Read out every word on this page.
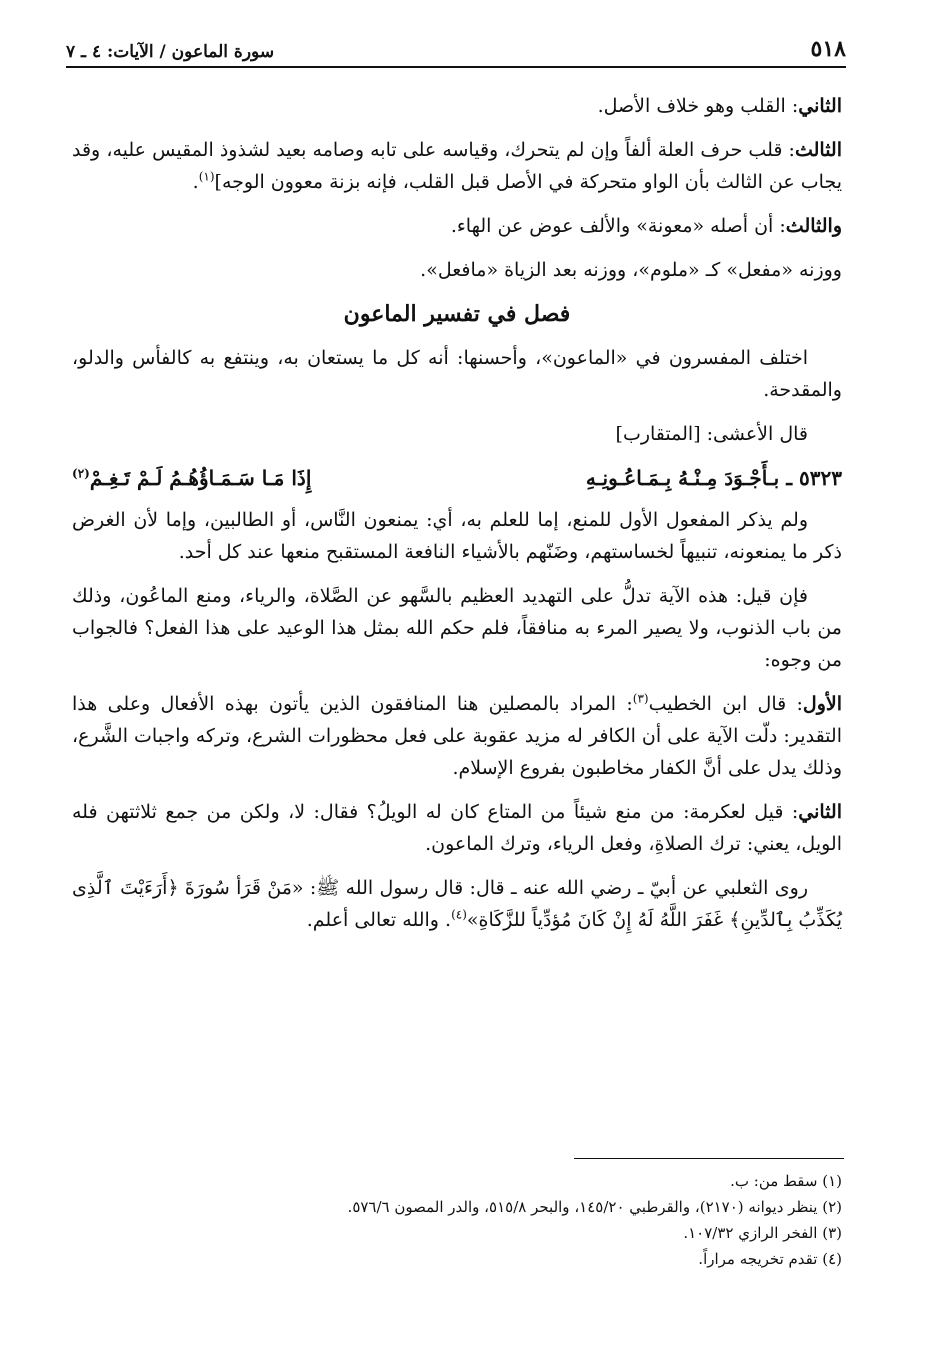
٥١٨
سورة الماعون / الآيات: ٤ ـ ٧

الثاني: القلب وهو خلاف الأصل.

الثالث: قلب حرف العلة ألفاً وإن لم يتحرك، وقياسه على تابه وصامه بعيد لشذوذ المقيس عليه، وقد يجاب عن الثالث بأن الواو متحركة في الأصل قبل القلب، فإنه بزنة معوون الوجه]$^{(١)}$.

والثالث: أن أصله «معونة» والألف عوض عن الهاء.

ووزنه «مفعل» كـ «ملوم»، ووزنه بعد الزياة «مافعل».

فصل في تفسير الماعون

اختلف المفسرون في «الماعون»، وأحسنها: أنه كل ما يستعان به، وينتفع به كالفأس والدلو، والمقدحة.

قال الأعشى: [المتقارب]

٥٣٢٣ ـ بـأَجْـوَدَ مِـنْـهُ بِـمَـاعُـونِـهِ
إِذَا مَـا سَـمَـاؤُهُـمُ لَـمْ تَـغِـمْ$^{(٢)}$

ولم يذكر المفعول الأول للمنع، إما للعلم به، أي: يمنعون النَّاس، أو الطالبين، وإما لأن الغرض ذكر ما يمنعونه، تنبيهاً لخساستهم، وضَنّهم بالأشياء النافعة المستقبح منعها عند كل أحد.

فإن قيل: هذه الآية تدلُّ على التهديد العظيم بالسَّهو عن الصَّلاة، والرياء، ومنع الماعُون، وذلك من باب الذنوب، ولا يصير المرء به منافقاً، فلم حكم الله بمثل هذا الوعيد على هذا الفعل؟ فالجواب من وجوه:

الأول: قال ابن الخطيب$^{(٣)}$: المراد بالمصلين هنا المنافقون الذين يأتون بهذه الأفعال وعلى هذا التقدير: دلّت الآية على أن الكافر له مزيد عقوبة على فعل محظورات الشرع، وتركه واجبات الشَّرع، وذلك يدل على أنَّ الكفار مخاطبون بفروع الإسلام.

الثاني: قيل لعكرمة: من منع شيئاً من المتاع كان له الويلُ؟ فقال: لا، ولكن من جمع ثلاثتهن فله الويل، يعني: ترك الصلاةِ، وفعل الرياء، وترك الماعون.

روى الثعلبي عن أبيّ ـ رضي الله عنه ـ قال: قال رسول الله ﷺ: «مَنْ قَرَأ سُورَةَ ﴿أَرَءَيْتَ ٱلَّذِى يُكَذِّبُ بِٱلدِّينِ﴾ غَفَرَ اللَّهُ لَهُ إِنْ كَانَ مُؤدِّياً للزَّكَاةِ»$^{(٤)}$. والله تعالى أعلم.

(١) سقط من: ب.

(٢) ينظر ديوانه (٢١٧٠)، والقرطبي ١٤٥/٢٠، والبحر ٥١٥/٨، والدر المصون ٥٧٦/٦.

(٣) الفخر الرازي ١٠٧/٣٢.

(٤) تقدم تخريجه مراراً.
